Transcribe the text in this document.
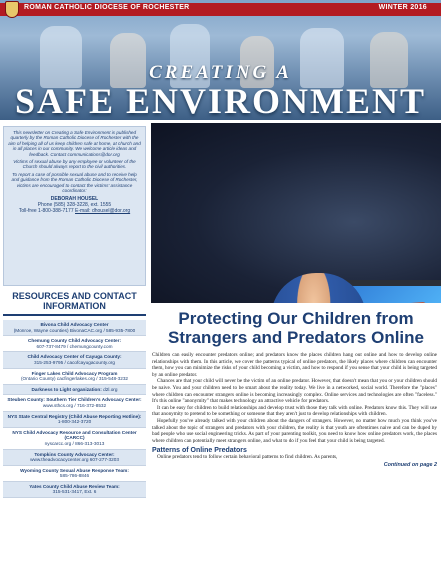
ROMAN CATHOLIC DIOCESE OF ROCHESTER	WINTER 2016
CREATING A
SAFE ENVIRONMENT

This newsletter on Creating a Safe Environment is published quarterly by the Roman Catholic Diocese of Rochester with the aim of helping all of us keep children safe at home, at church and in all places in our community. We welcome article ideas and feedback. Contact communications@dor.org

Victims of sexual abuse by any employee or volunteer of the Church should always report to the civil authorities.

To report a case of possible sexual abuse and to receive help and guidance from the Roman Catholic Diocese of Rochester, victims are encouraged to contact the victims' assistance coordinator:

DEBORAH HOUSEL
Phone (585) 328-3228, ext. 1555
Toll-free 1-800-388-7177 E-mail: dhousel@dor.org
RESOURCES AND CONTACT INFORMATION
Bivona Child Advocacy Center
(Monroe, Wayne counties) BivonaCAC.org / 585-935-7800
Chemung County Child Advocacy Center:
607-737-8479 / chemungcounty.com
Child Advocacy Center of Cayuga County:
315-253-9795 / cacofcayugacounty.org
Finger Lakes Child Advocacy Program
(Ontario County) cacfingerlakes.org / 315-548-3232
Darkness to Light organization: d2l.org
Steuben County: Southern Tier Children's Advocacy Center:
www.sthcs.org / 716-372-8532
NYS State Central Registry (Child Abuse Reporting Hotline):
1-800-342-3720
NYS Child Advocacy Resource and Consultation Center (CARCC)
nyscarcc.org / 866-313-3013
Tompkins County Advocacy Center:
www.theadvocacycenter.org 607-277-3203
Wyoming County Sexual Abuse Response Team:
585-786-8846
Yates County Child Abuse Review Team:
315-531-3417, Ext. 6
Protecting Our Children from Strangers and Predators Online

Children can easily encounter predators online; and predators know the places children hang out online and how to develop online relationships with them. In this article, we cover the patterns typical of online predators, the likely places where children can encounter them, how you can minimize the risks of your child becoming a victim, and how to respond if you sense that your child is being targeted by an online predator.

Chances are that your child will never be the victim of an online predator. However, that doesn't mean that you or your children should be naive. You and your children need to be smart about the reality today. We live in a networked, social world. Therefore the "places" where children can encounter strangers online is becoming increasingly complex. Online services and technologies are often "faceless." It's this online "anonymity" that makes technology an attractive vehicle for predators.

It can be easy for children to build relationships and develop trust with those they talk with online. Predators know this. They will use that anonymity to pretend to be something or someone that they aren't just to develop relationships with children.

Hopefully you've already talked with your children about the dangers of strangers. However, no matter how much you think you've talked about the topic of strangers and predators with your children, the reality is that youth are oftentimes naive and can be duped by bad people who use social engineering tricks. As part of your parenting toolkit, you need to know how online predators work, the places where children can potentially meet strangers online, and what to do if you feel that your child is being targeted.

Patterns of Online Predators

Online predators tend to follow certain behavioral patterns to find children. As parents,

Continued on page 2
